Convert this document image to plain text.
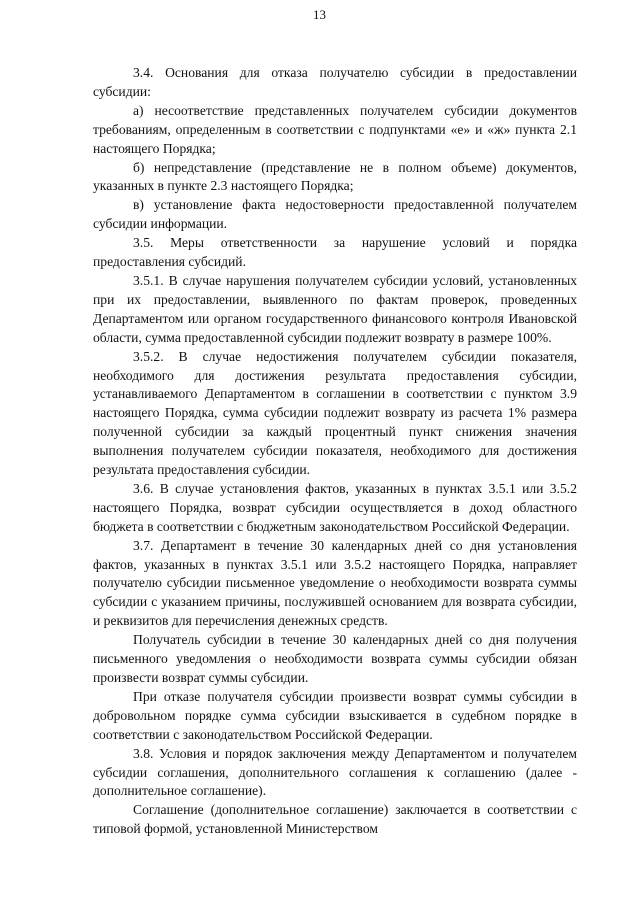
13

3.4. Основания для отказа получателю субсидии в предоставлении субсидии:

а) несоответствие представленных получателем субсидии документов требованиям, определенным в соответствии с подпунктами «е» и «ж» пункта 2.1 настоящего Порядка;

б) непредставление (представление не в полном объеме) документов, указанных в пункте 2.3 настоящего Порядка;

в) установление факта недостоверности предоставленной получателем субсидии информации.

3.5. Меры ответственности за нарушение условий и порядка предоставления субсидий.

3.5.1. В случае нарушения получателем субсидии условий, установленных при их предоставлении, выявленного по фактам проверок, проведенных Департаментом или органом государственного финансового контроля Ивановской области, сумма предоставленной субсидии подлежит возврату в размере 100%.

3.5.2. В случае недостижения получателем субсидии показателя, необходимого для достижения результата предоставления субсидии, устанавливаемого Департаментом в соглашении в соответствии с пунктом 3.9 настоящего Порядка, сумма субсидии подлежит возврату из расчета 1% размера полученной субсидии за каждый процентный пункт снижения значения выполнения получателем субсидии показателя, необходимого для достижения результата предоставления субсидии.

3.6. В случае установления фактов, указанных в пунктах 3.5.1 или 3.5.2 настоящего Порядка, возврат субсидии осуществляется в доход областного бюджета в соответствии с бюджетным законодательством Российской Федерации.

3.7. Департамент в течение 30 календарных дней со дня установления фактов, указанных в пунктах 3.5.1 или 3.5.2 настоящего Порядка, направляет получателю субсидии письменное уведомление о необходимости возврата суммы субсидии с указанием причины, послужившей основанием для возврата субсидии, и реквизитов для перечисления денежных средств.

Получатель субсидии в течение 30 календарных дней со дня получения письменного уведомления о необходимости возврата суммы субсидии обязан произвести возврат суммы субсидии.

При отказе получателя субсидии произвести возврат суммы субсидии в добровольном порядке сумма субсидии взыскивается в судебном порядке в соответствии с законодательством Российской Федерации.

3.8. Условия и порядок заключения между Департаментом и получателем субсидии соглашения, дополнительного соглашения к соглашению (далее - дополнительное соглашение).

Соглашение (дополнительное соглашение) заключается в соответствии с типовой формой, установленной Министерством
